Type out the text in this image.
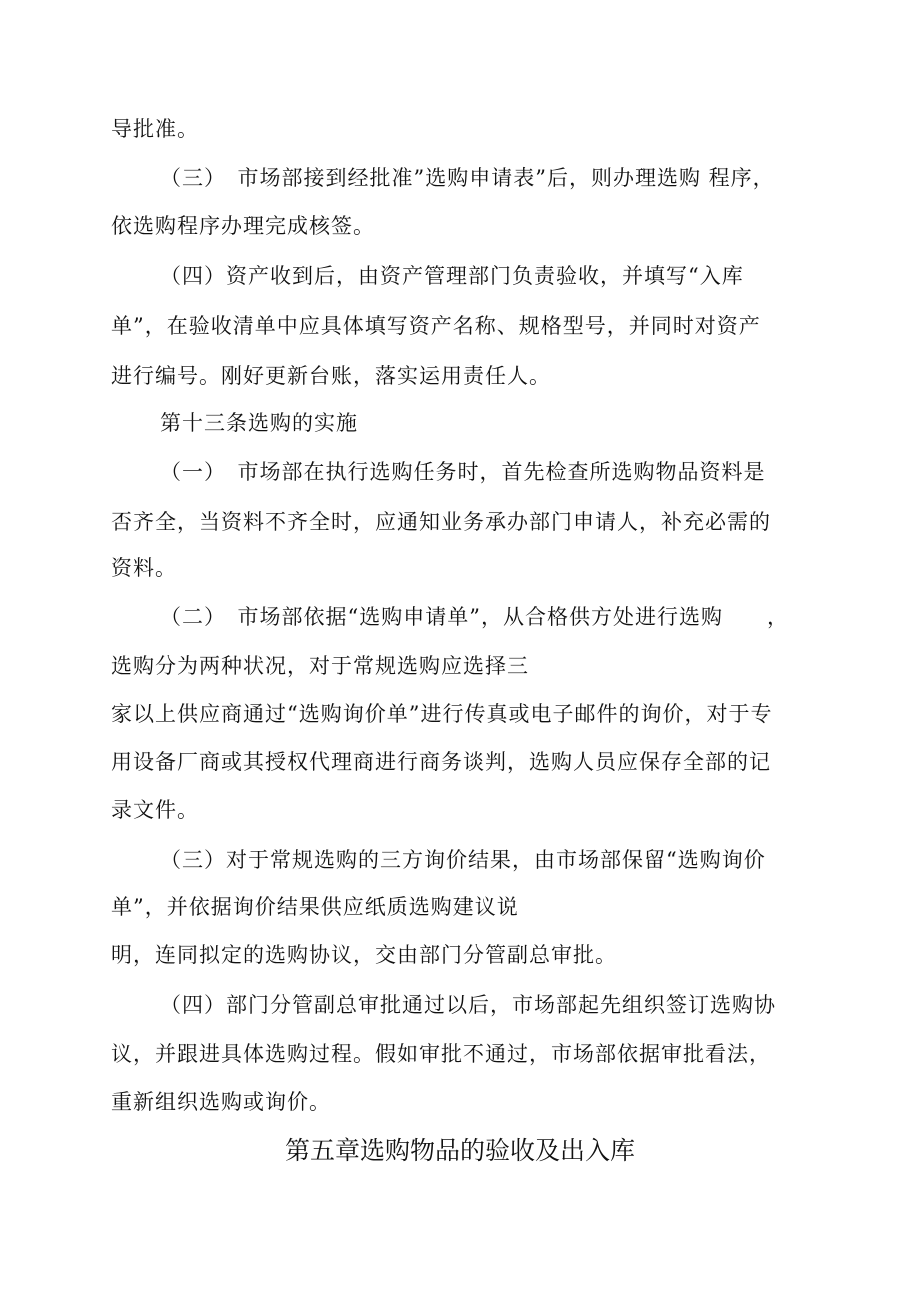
导批准。
（三）　市场部接到经批准”选购申请表”后，则办理选购 程序，
依选购程序办理完成核签。
（四）资产收到后，由资产管理部门负责验收，并填写“入库
单”，在验收清单中应具体填写资产名称、规格型号，并同时对资产
进行编号。刚好更新台账，落实运用责任人。
第十三条选购的实施
（一）　市场部在执行选购任务时，首先检查所选购物品资料是
否齐全，当资料不齐全时，应通知业务承办部门申请人，补充必需的
资料。
（二）　市场部依据“选购申请单”，从合格供方处进行选购　　，
选购分为两种状况，对于常规选购应选择三
家以上供应商通过“选购询价单”进行传真或电子邮件的询价，对于专
用设备厂商或其授权代理商进行商务谈判，选购人员应保存全部的记
录文件。
（三）对于常规选购的三方询价结果，由市场部保留“选购询价
单”，并依据询价结果供应纸质选购建议说
明，连同拟定的选购协议，交由部门分管副总审批。
（四）部门分管副总审批通过以后，市场部起先组织签订选购协
议，并跟进具体选购过程。假如审批不通过，市场部依据审批看法，
重新组织选购或询价。
第五章选购物品的验收及出入库
